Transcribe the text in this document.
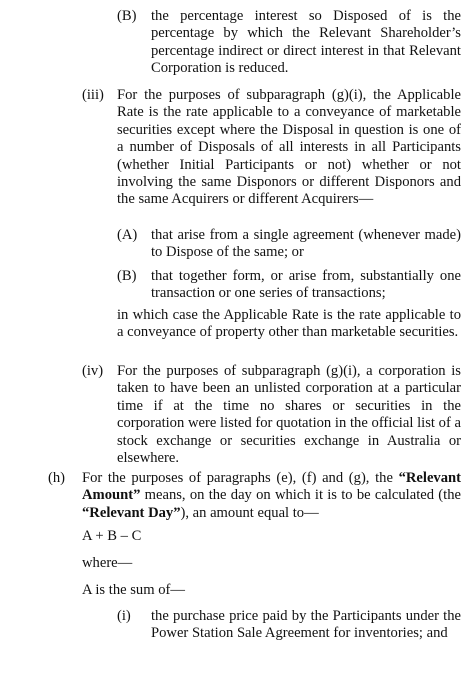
(B) the percentage interest so Disposed of is the percentage by which the Relevant Shareholder’s percentage indirect or direct interest in that Relevant Corporation is reduced.

(iii) For the purposes of subparagraph (g)(i), the Applicable Rate is the rate applicable to a conveyance of marketable securities except where the Disposal in question is one of a number of Disposals of all interests in all Participants (whether Initial Participants or not) whether or not involving the same Disponors or different Disponors and the same Acquirers or different Acquirers—

(A) that arise from a single agreement (whenever made) to Dispose of the same; or

(B) that together form, or arise from, substantially one transaction or one series of transactions;

in which case the Applicable Rate is the rate applicable to a conveyance of property other than marketable securities.

(iv) For the purposes of subparagraph (g)(i), a corporation is taken to have been an unlisted corporation at a particular time if at the time no shares or securities in the corporation were listed for quotation in the official list of a stock exchange or securities exchange in Australia or elsewhere.

(h) For the purposes of paragraphs (e), (f) and (g), the “Relevant Amount” means, on the day on which it is to be calculated (the “Relevant Day”), an amount equal to—

A + B – C

where—

A is the sum of—

(i) the purchase price paid by the Participants under the Power Station Sale Agreement for inventories; and
